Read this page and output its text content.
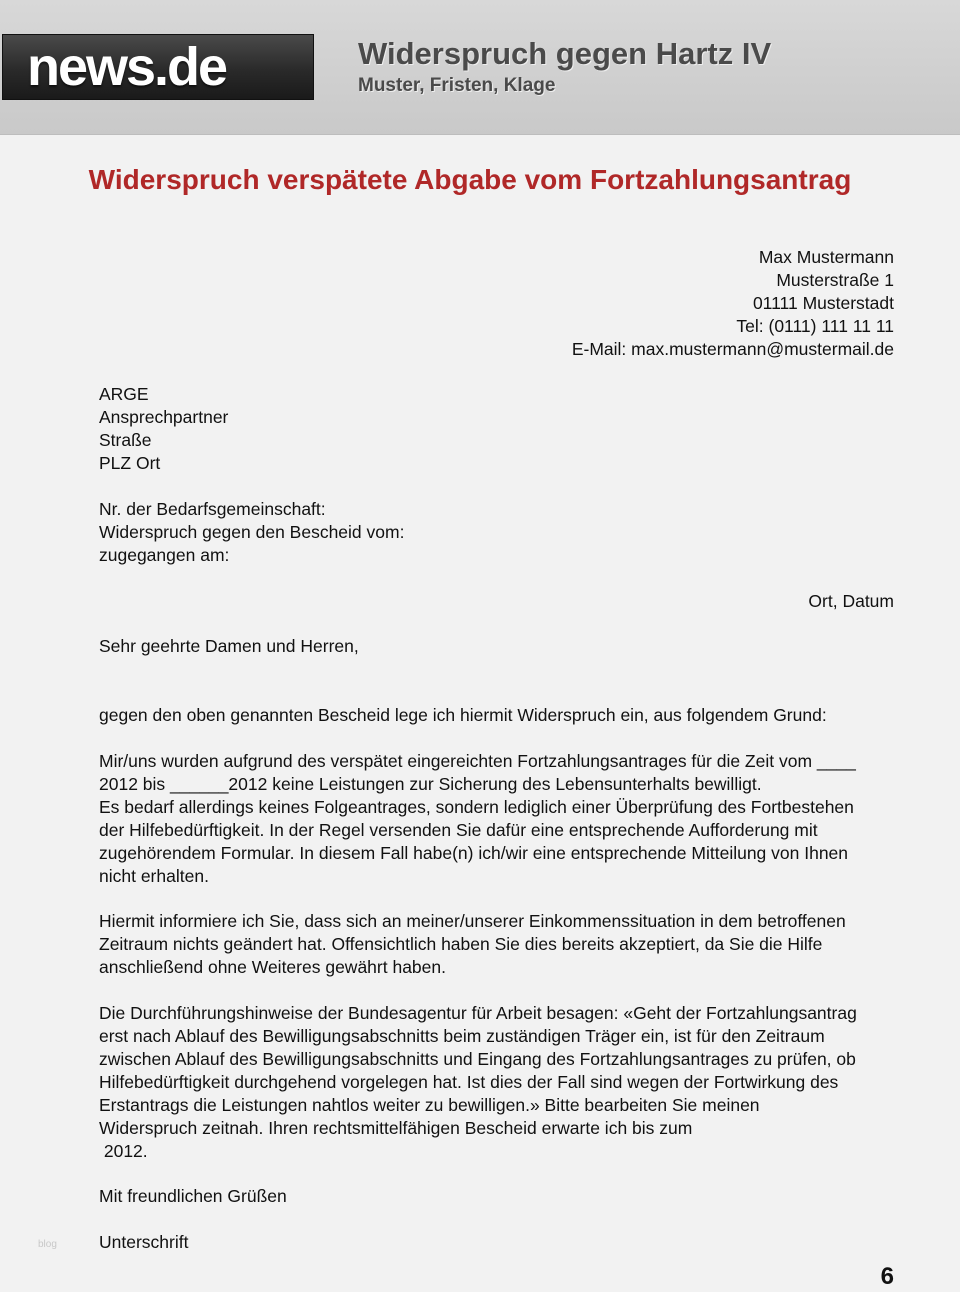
news.de	Widerspruch gegen Hartz IV
Muster, Fristen, Klage
Widerspruch verspätete Abgabe vom Fortzahlungsantrag
Max Mustermann
Musterstraße 1
01111 Musterstadt
Tel: (0111) 111 11 11
E-Mail: max.mustermann@mustermail.de
ARGE
Ansprechpartner
Straße
PLZ Ort
Nr. der Bedarfsgemeinschaft:
Widerspruch gegen den Bescheid vom:
zugegangen am:
Ort, Datum
Sehr geehrte Damen und Herren,
gegen den oben genannten Bescheid lege ich hiermit Widerspruch ein, aus folgendem Grund:
Mir/uns wurden aufgrund des verspätet eingereichten Fortzahlungsantrages für die Zeit vom ____
2012 bis ______2012 keine Leistungen zur Sicherung des Lebensunterhalts bewilligt.
Es bedarf allerdings keines Folgeantrages, sondern lediglich einer Überprüfung des Fortbestehen
der Hilfebedürftigkeit. In der Regel versenden Sie dafür eine entsprechende Aufforderung mit
zugehörendem Formular. In diesem Fall habe(n) ich/wir eine entsprechende Mitteilung von Ihnen
nicht erhalten.
Hiermit informiere ich Sie, dass sich an meiner/unserer Einkommenssituation in dem betroffenen
Zeitraum nichts geändert hat. Offensichtlich haben Sie dies bereits akzeptiert, da Sie die Hilfe
anschließend ohne Weiteres gewährt haben.
Die Durchführungshinweise der Bundesagentur für Arbeit besagen: «Geht der Fortzahlungsantrag
erst nach Ablauf des Bewilligungsabschnitts beim zuständigen Träger ein, ist für den Zeitraum
zwischen Ablauf des Bewilligungsabschnitts und Eingang des Fortzahlungsantrages zu prüfen, ob
Hilfebedürftigkeit durchgehend vorgelegen hat. Ist dies der Fall sind wegen der Fortwirkung des
Erstantrags die Leistungen nahtlos weiter zu bewilligen.» Bitte bearbeiten Sie meinen
Widerspruch zeitnah. Ihren rechtsmittelfähigen Bescheid erwarte ich bis zum
2012.
Mit freundlichen Grüßen
Unterschrift
blog
6
